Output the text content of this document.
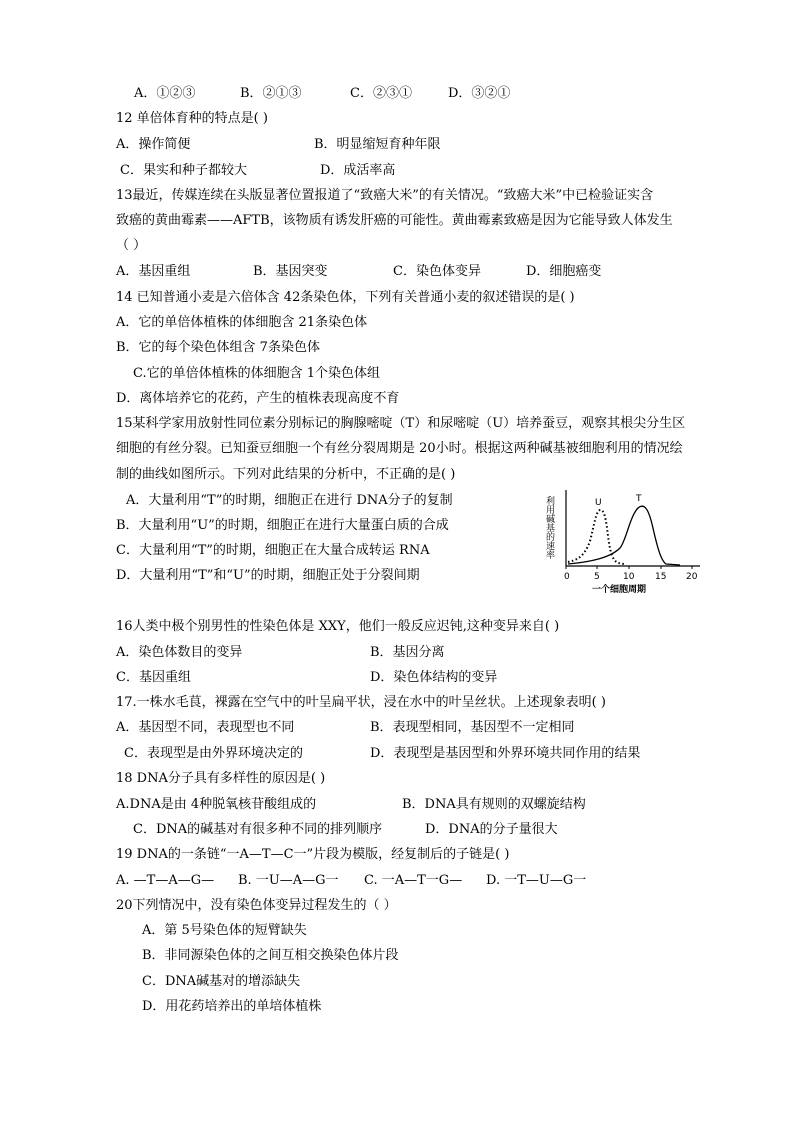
A．①②③	B．②①③	C．②③①	D．③②①
12 单倍体育种的特点是( )
A．操作简便	B．明显缩短育种年限
C．果实和种子都较大	D．成活率高
13最近，传媒连续在头版显著位置报道了“致癌大米”的有关情况。“致癌大米”中已检验证实含
致癌的黄曲霉素——AFTB，该物质有诱发肝癌的可能性。黄曲霉素致癌是因为它能导致人体发生
（ ）
A．基因重组	B．基因突变	C．染色体变异	D．细胞癌变
14 已知普通小麦是六倍体含 42条染色体，下列有关普通小麦的叙述错误的是( )
A．它的单倍体植株的体细胞含 21条染色体
B．它的每个染色体组含 7条染色体
C.它的单倍体植株的体细胞含 1个染色体组
D．离体培养它的花药，产生的植株表现高度不育
15某科学家用放射性同位素分别标记的胸腺嘧啶（T）和尿嘧啶（U）培养蚕豆，观察其根尖分生区
细胞的有丝分裂。已知蚕豆细胞一个有丝分裂周期是 20小时。根据这两种碱基被细胞利用的情况绘
制的曲线如图所示。下列对此结果的分析中，不正确的是( )
A．大量利用“T”的时期，细胞正在进行 DNA分子的复制
B．大量利用“U”的时期，细胞正在进行大量蛋白质的合成
C．大量利用“T”的时期，细胞正在大量合成转运 RNA
D．大量利用“T”和“U”的时期，细胞正处于分裂间期
利用碱基的速率
0	5	10 15 20
一个细胞周期
U	T
16人类中极个别男性的性染色体是 XXY，他们一般反应迟钝,这种变异来自( )
A．染色体数目的变异	B．基因分离
C．基因重组	D．染色体结构的变异
17.一株水毛茛，裸露在空气中的叶呈扁平状，浸在水中的叶呈丝状。上述现象表明( )
A．基因型不同，表现型也不同	B．表现型相同，基因型不一定相同
C．表现型是由外界环境决定的	D．表现型是基因型和外界环境共同作用的结果
18 DNA分子具有多样性的原因是( )
A.DNA是由 4种脱氧核苷酸组成的	B．DNA具有规则的双螺旋结构
C．DNA的碱基对有很多种不同的排列顺序	D．DNA的分子量很大
19 DNA的一条链“一A—T—C一”片段为模版，经复制后的子链是( )
A. —T—A—G— B. 一U—A—G一 C. 一A—T一G— D. 一T—U—G一
20下列情况中，没有染色体变异过程发生的（ ）
A．第 5号染色体的短臂缺失
B．非同源染色体的之间互相交换染色体片段
C．DNA碱基对的增添缺失
D．用花药培养出的单培体植株
